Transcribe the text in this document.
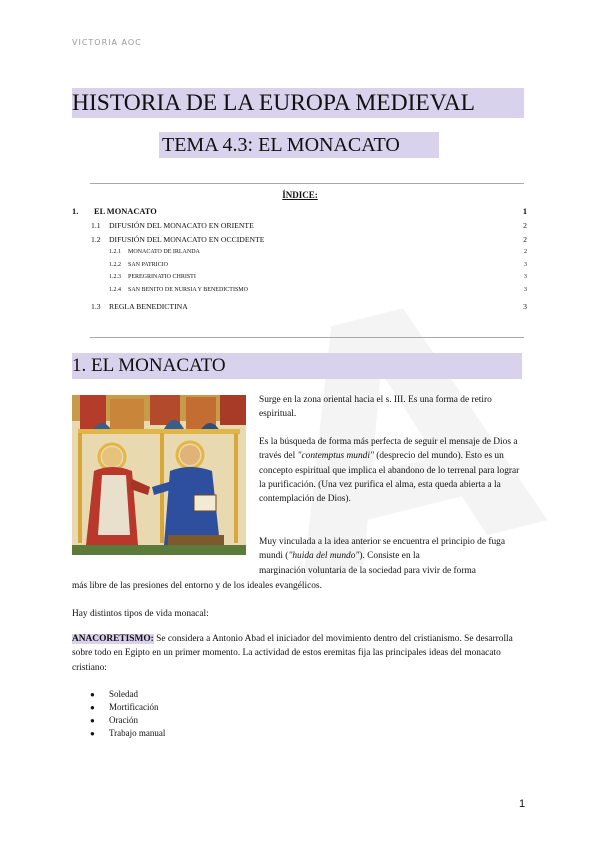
VICTORIA AOC
HISTORIA DE LA EUROPA MEDIEVAL
TEMA 4.3: EL MONACATO
ÍNDICE:
1. EL MONACATO	1
1.1 DIFUSIÓN DEL MONACATO EN ORIENTE	2
1.2 DIFUSIÓN DEL MONACATO EN OCCIDENTE	2
1.2.1 MONACATO DE IRLANDA	2
1.2.2 SAN PATRICIO	3
1.2.3 PEREGRINATIO CHRISTI	3
1.2.4 SAN BENITO DE NURSIA Y BENEDICTISMO	3
1.3 REGLA BENEDICTINA	3
1. EL MONACATO

Surge en la zona oriental hacia el s. III. Es una forma de retiro espiritual.

Es la búsqueda de forma más perfecta de seguir el mensaje de Dios a través del "contemptus mundi" (desprecio del mundo). Esto es un concepto espiritual que implica el abandono de lo terrenal para lograr la purificación. (Una vez purifica el alma, esta queda abierta a la contemplación de Dios).

Muy vinculada a la idea anterior se encuentra el principio de fuga mundi ("huida del mundo"). Consiste en la
marginación voluntaria de la sociedad para vivir de forma

más libre de las presiones del entorno y de los ideales evangélicos.

Hay distintos tipos de vida monacal:

ANACORETISMO: Se considera a Antonio Abad el iniciador del movimiento dentro del cristianismo. Se desarrolla sobre todo en Egipto en un primer momento. La actividad de estos eremitas fija las principales ideas del monacato cristiano:

● Soledad
● Mortificación
● Oración
● Trabajo manual
1
